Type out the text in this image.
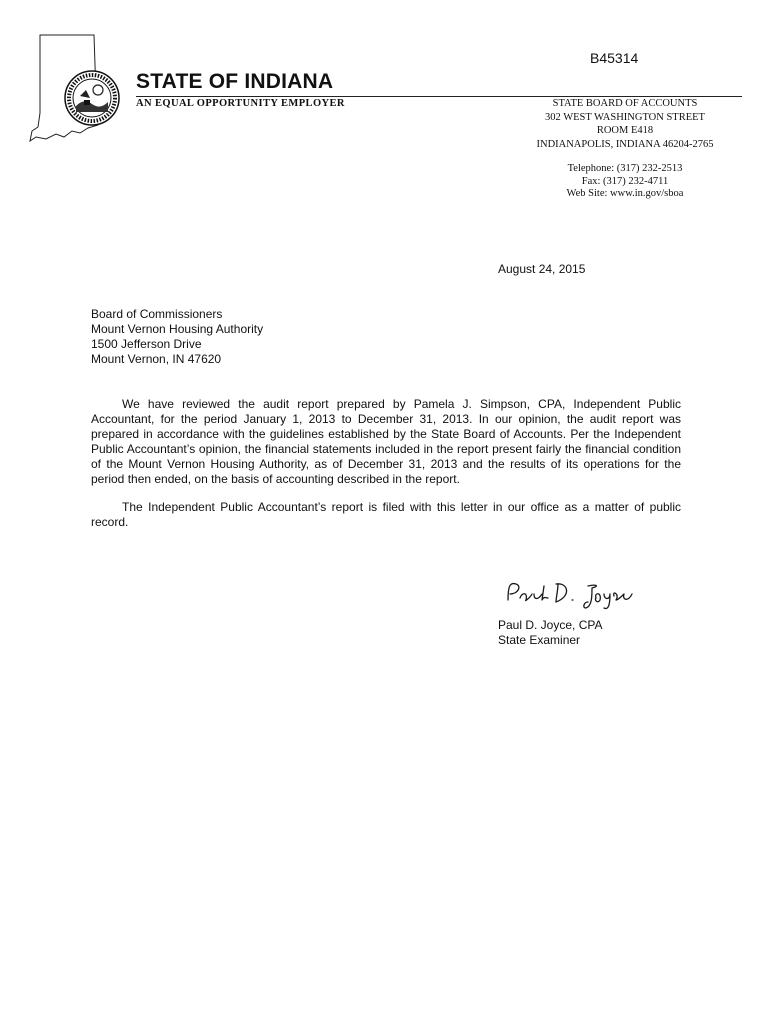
B45314
STATE OF INDIANA
AN EQUAL OPPORTUNITY EMPLOYER	STATE BOARD OF ACCOUNTS
302 WEST WASHINGTON STREET
ROOM E418
INDIANAPOLIS, INDIANA 46204-2765
Telephone: (317) 232-2513
Fax: (317) 232-4711
Web Site: www.in.gov/sboa
August 24, 2015
Board of Commissioners
Mount Vernon Housing Authority
1500 Jefferson Drive
Mount Vernon, IN 47620

We have reviewed the audit report prepared by Pamela J. Simpson, CPA, Independent Public Accountant, for the period January 1, 2013 to December 31, 2013. In our opinion, the audit report was prepared in accordance with the guidelines established by the State Board of Accounts. Per the Independent Public Accountant’s opinion, the financial statements included in the report present fairly the financial condition of the Mount Vernon Housing Authority, as of December 31, 2013 and the results of its operations for the period then ended, on the basis of accounting described in the report.

The Independent Public Accountant’s report is filed with this letter in our office as a matter of public record.

Paul D. Joyce, CPA
State Examiner
